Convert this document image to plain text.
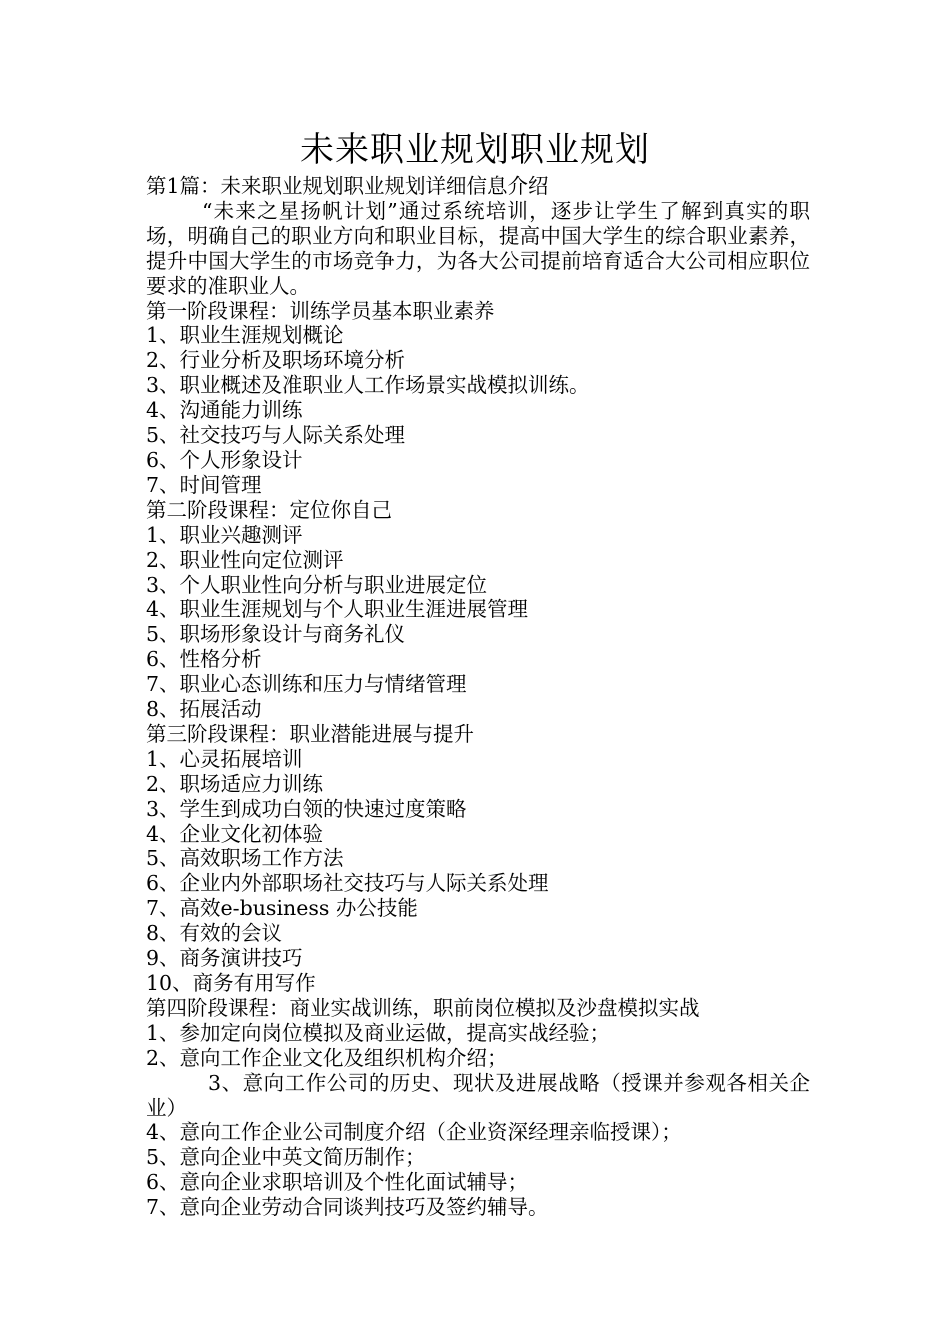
未来职业规划职业规划

第1篇：未来职业规划职业规划详细信息介绍

“未来之星扬帆计划”通过系统培训，逐步让学生了解到真实的职场，明确自己的职业方向和职业目标，提高中国大学生的综合职业素养，提升中国大学生的市场竞争力，为各大公司提前培育适合大公司相应职位要求的准职业人。

第一阶段课程：训练学员基本职业素养

1、职业生涯规划概论

2、行业分析及职场环境分析

3、职业概述及准职业人工作场景实战模拟训练。

4、沟通能力训练

5、社交技巧与人际关系处理

6、个人形象设计

7、时间管理

第二阶段课程：定位你自己

1、职业兴趣测评

2、职业性向定位测评

3、个人职业性向分析与职业进展定位

4、职业生涯规划与个人职业生涯进展管理

5、职场形象设计与商务礼仪

6、性格分析

7、职业心态训练和压力与情绪管理

8、拓展活动

第三阶段课程：职业潜能进展与提升

1、心灵拓展培训

2、职场适应力训练

3、学生到成功白领的快速过度策略

4、企业文化初体验

5、高效职场工作方法

6、企业内外部职场社交技巧与人际关系处理

7、高效e-business 办公技能

8、有效的会议

9、商务演讲技巧

10、商务有用写作

第四阶段课程：商业实战训练，职前岗位模拟及沙盘模拟实战

1、参加定向岗位模拟及商业运做，提高实战经验；

2、意向工作企业文化及组织机构介绍；

3、意向工作公司的历史、现状及进展战略（授课并参观各相关企业）

4、意向工作企业公司制度介绍（企业资深经理亲临授课）；

5、意向企业中英文简历制作；

6、意向企业求职培训及个性化面试辅导；

7、意向企业劳动合同谈判技巧及签约辅导。
